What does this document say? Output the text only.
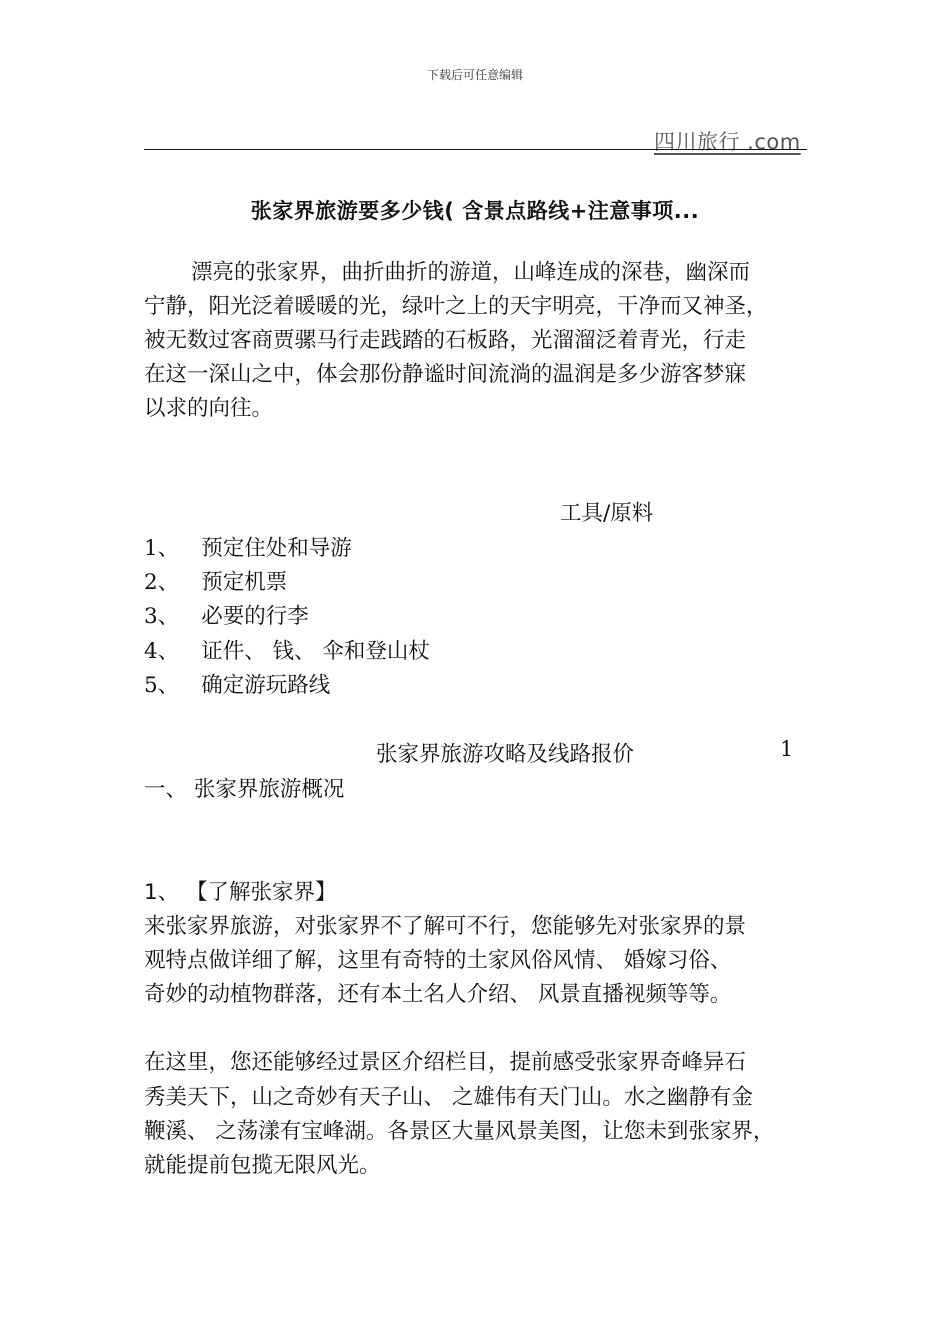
下载后可任意编辑
四川旅行 .com
张家界旅游要多少钱( 含景点路线+注意事项...
漂亮的张家界，曲折曲折的游道，山峰连成的深巷，幽深而
宁静，阳光泛着暖暖的光，绿叶之上的天宇明亮，干净而又神圣，
被无数过客商贾骡马行走践踏的石板路，光溜溜泛着青光，行走
在这一深山之中，体会那份静谧时间流淌的温润是多少游客梦寐
以求的向往。
工具/原料
1、 预定住处和导游
2、 预定机票
3、 必要的行李
4、 证件、 钱、 伞和登山杖
5、 确定游玩路线
张家界旅游攻略及线路报价	1
一、 张家界旅游概况
1、 【了解张家界】
来张家界旅游，对张家界不了解可不行，您能够先对张家界的景
观特点做详细了解，这里有奇特的土家风俗风情、 婚嫁习俗、
奇妙的动植物群落，还有本土名人介绍、 风景直播视频等等。
在这里，您还能够经过景区介绍栏目，提前感受张家界奇峰异石
秀美天下，山之奇妙有天子山、 之雄伟有天门山。水之幽静有金
鞭溪、 之荡漾有宝峰湖。各景区大量风景美图，让您未到张家界，
就能提前包揽无限风光。
